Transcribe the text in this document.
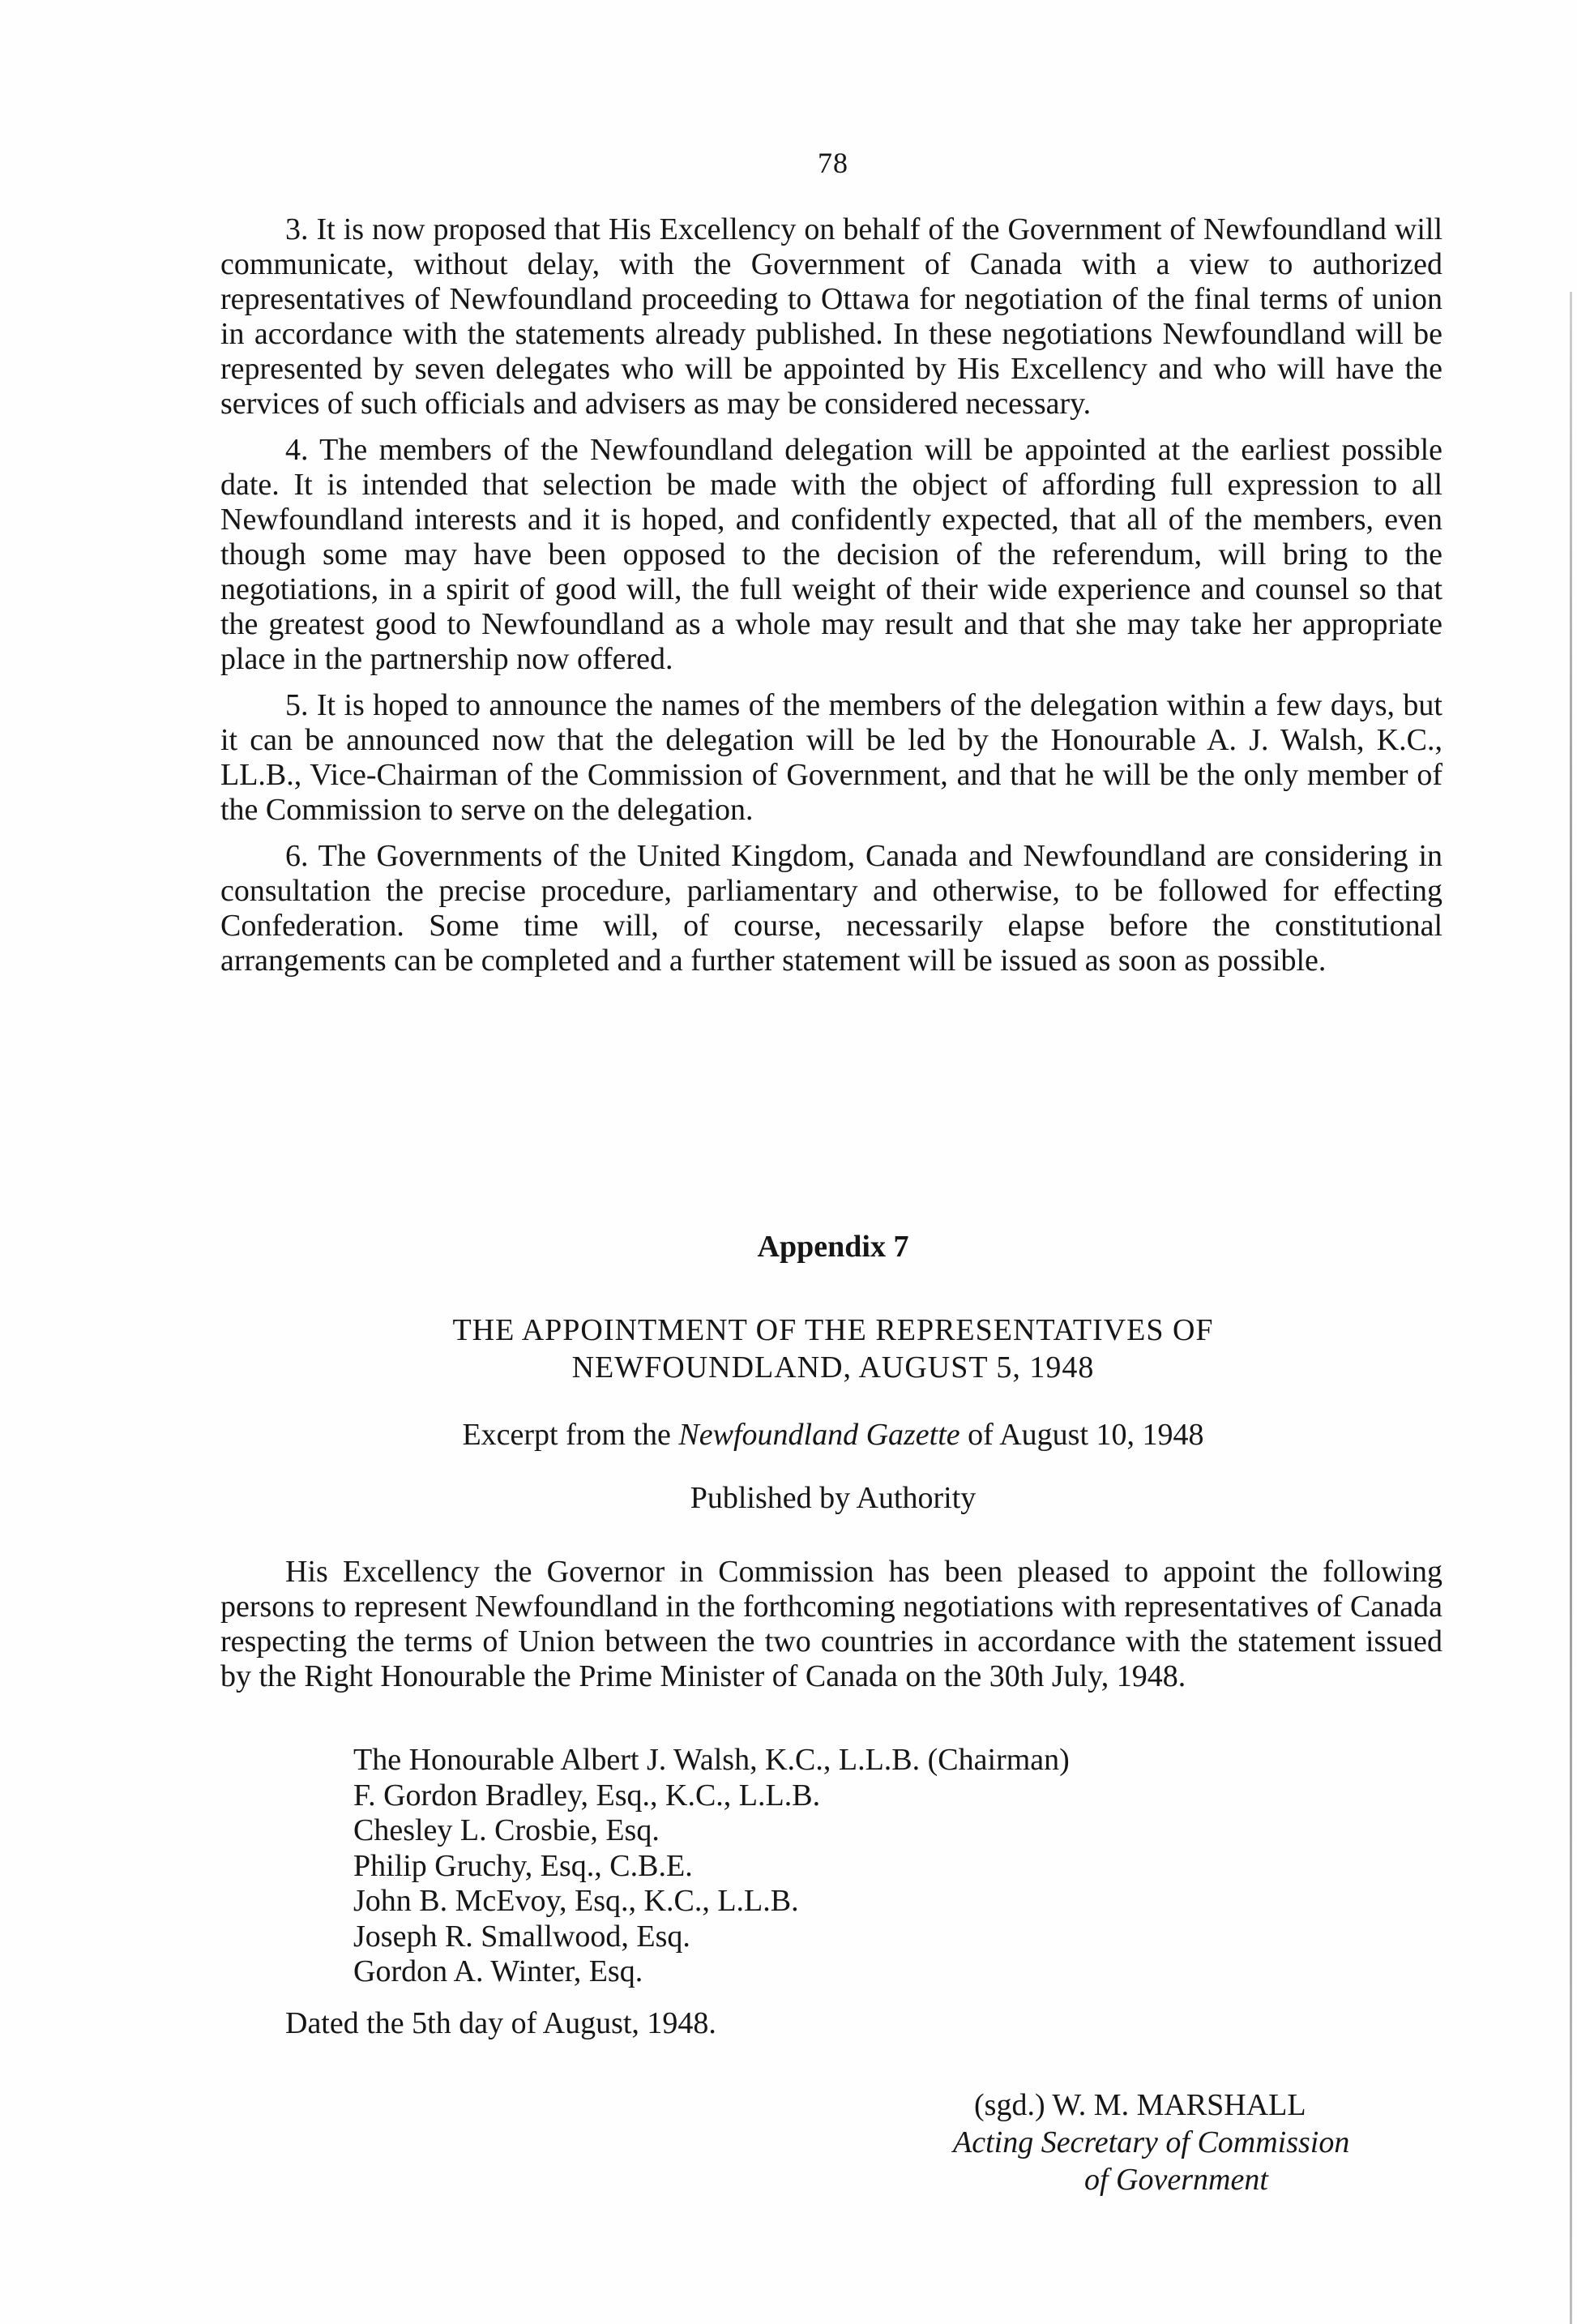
78

3. It is now proposed that His Excellency on behalf of the Government of Newfoundland will communicate, without delay, with the Government of Canada with a view to authorized representatives of Newfoundland proceeding to Ottawa for negotiation of the final terms of union in accordance with the statements already published. In these negotiations Newfoundland will be represented by seven delegates who will be appointed by His Excellency and who will have the services of such officials and advisers as may be considered necessary.

4. The members of the Newfoundland delegation will be appointed at the earliest possible date. It is intended that selection be made with the object of affording full expression to all Newfoundland interests and it is hoped, and confidently expected, that all of the members, even though some may have been opposed to the decision of the referendum, will bring to the negotiations, in a spirit of good will, the full weight of their wide experience and counsel so that the greatest good to Newfoundland as a whole may result and that she may take her appropriate place in the partnership now offered.

5. It is hoped to announce the names of the members of the delegation within a few days, but it can be announced now that the delegation will be led by the Honourable A. J. Walsh, K.C., LL.B., Vice-Chairman of the Commission of Government, and that he will be the only member of the Commission to serve on the delegation.

6. The Governments of the United Kingdom, Canada and Newfoundland are considering in consultation the precise procedure, parliamentary and otherwise, to be followed for effecting Confederation. Some time will, of course, necessarily elapse before the constitutional arrangements can be completed and a further statement will be issued as soon as possible.

Appendix 7
THE APPOINTMENT OF THE REPRESENTATIVES OF
NEWFOUNDLAND, AUGUST 5, 1948
Excerpt from the Newfoundland Gazette of August 10, 1948
Published by Authority

His Excellency the Governor in Commission has been pleased to appoint the following persons to represent Newfoundland in the forthcoming negotiations with representatives of Canada respecting the terms of Union between the two countries in accordance with the statement issued by the Right Honourable the Prime Minister of Canada on the 30th July, 1948.

The Honourable Albert J. Walsh, K.C., L.L.B. (Chairman)
F. Gordon Bradley, Esq., K.C., L.L.B.
Chesley L. Crosbie, Esq.
Philip Gruchy, Esq., C.B.E.
John B. McEvoy, Esq., K.C., L.L.B.
Joseph R. Smallwood, Esq.
Gordon A. Winter, Esq.
Dated the 5th day of August, 1948.
(sgd.) W. M. MARSHALL
Acting Secretary of Commission
of Government
